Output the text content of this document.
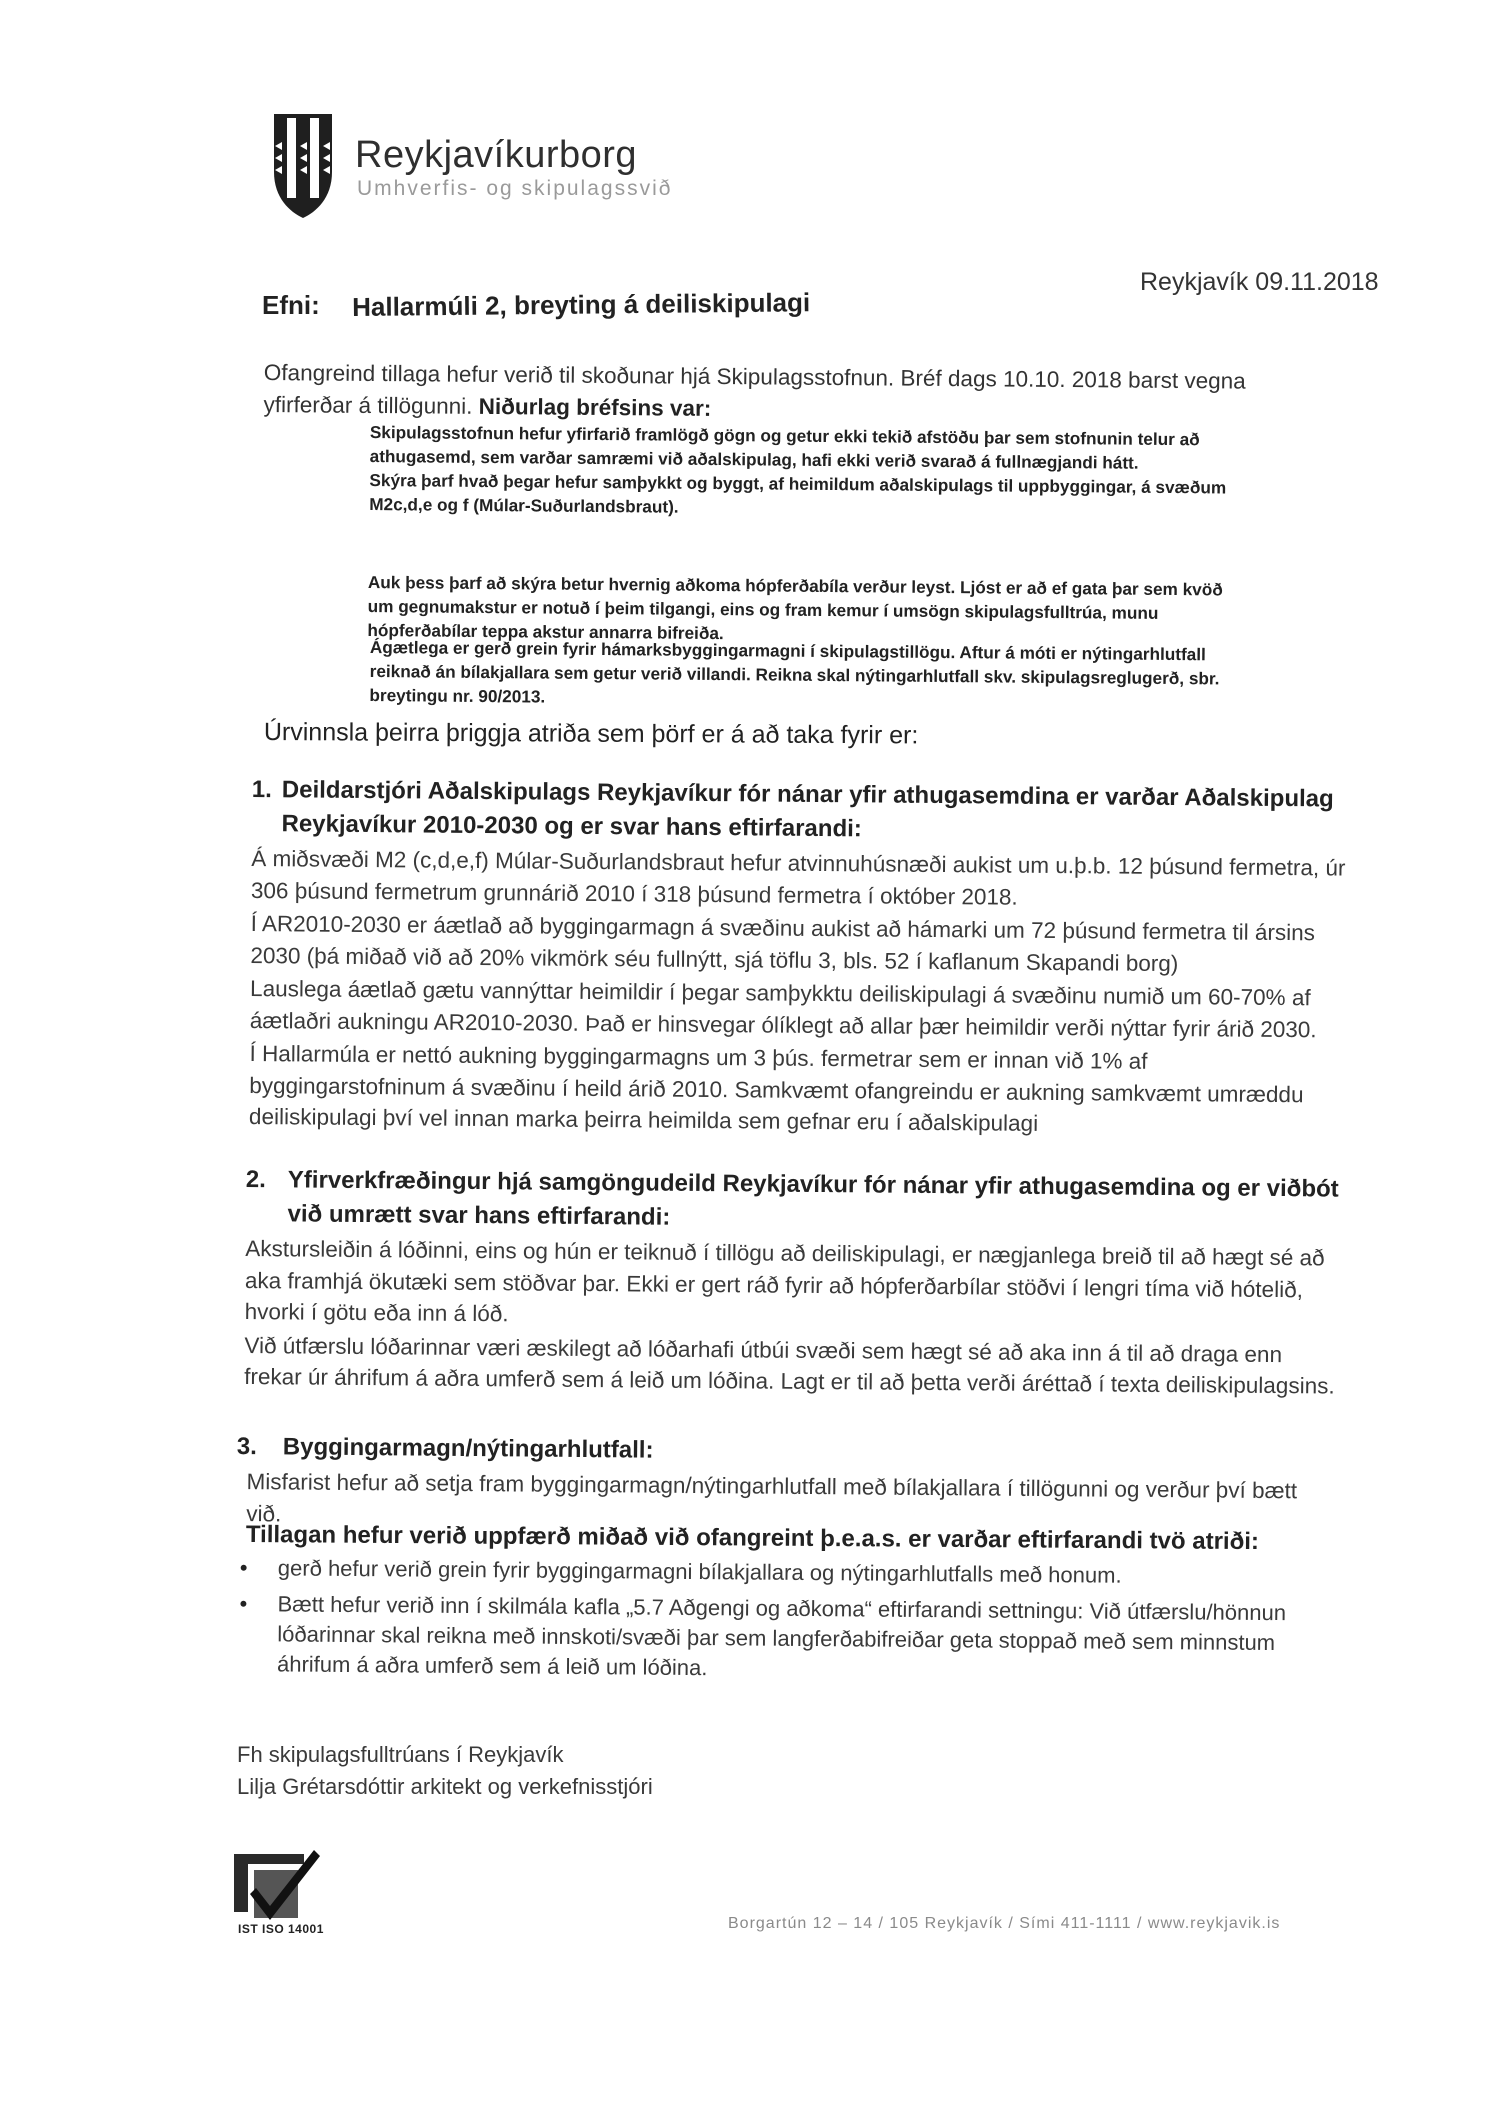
Reykjavíkurborg
Umhverfis- og skipulagssvið
Efni: Hallarmúli 2, breyting á deiliskipulagi
Reykjavík 09.11.2018
Ofangreind tillaga hefur verið til skoðunar hjá Skipulagsstofnun. Bréf dags 10.10. 2018 barst vegna yfirferðar á tillögunni. Niðurlag bréfsins var:

Skipulagsstofnun hefur yfirfarið framlögð gögn og getur ekki tekið afstöðu þar sem stofnunin telur að athugasemd, sem varðar samræmi við aðalskipulag, hafi ekki verið svarað á fullnægjandi hátt.

Skýra þarf hvað þegar hefur samþykkt og byggt, af heimildum aðalskipulags til uppbyggingar, á svæðum M2c,d,e og f (Múlar-Suðurlandsbraut).

Auk þess þarf að skýra betur hvernig aðkoma hópferðabíla verður leyst. Ljóst er að ef gata þar sem kvöð um gegnumakstur er notuð í þeim tilgangi, eins og fram kemur í umsögn skipulagsfulltrúa, munu hópferðabílar teppa akstur annarra bifreiða.

Ágætlega er gerð grein fyrir hámarksbyggingarmagni í skipulagstillögu. Aftur á móti er nýtingarhlutfall reiknað án bílakjallara sem getur verið villandi. Reikna skal nýtingarhlutfall skv. skipulagsreglugerð, sbr. breytingu nr. 90/2013.

Úrvinnsla þeirra þriggja atriða sem þörf er á að taka fyrir er:
1. Deildarstjóri Aðalskipulags Reykjavíkur fór nánar yfir athugasemdina er varðar Aðalskipulag Reykjavíkur 2010-2030 og er svar hans eftirfarandi:
Á miðsvæði M2 (c,d,e,f) Múlar-Suðurlandsbraut hefur atvinnuhúsnæði aukist um u.þ.b. 12 þúsund fermetra, úr 306 þúsund fermetrum grunnárið 2010 í 318 þúsund fermetra í október 2018.
Í AR2010-2030 er áætlað að byggingarmagn á svæðinu aukist að hámarki um 72 þúsund fermetra til ársins 2030 (þá miðað við að 20% vikmörk séu fullnýtt, sjá töflu 3, bls. 52 í kaflanum Skapandi borg)
Lauslega áætlað gætu vannýttar heimildir í þegar samþykktu deiliskipulagi á svæðinu numið um 60-70% af áætlaðri aukningu AR2010-2030. Það er hinsvegar ólíklegt að allar þær heimildir verði nýttar fyrir árið 2030.
Í Hallarmúla er nettó aukning byggingarmagns um 3 þús. fermetrar sem er innan við 1% af byggingarstofninum á svæðinu í heild árið 2010. Samkvæmt ofangreindu er aukning samkvæmt umræddu deiliskipulagi því vel innan marka þeirra heimilda sem gefnar eru í aðalskipulagi
2. Yfirverkfræðingur hjá samgöngudeild Reykjavíkur fór nánar yfir athugasemdina og er viðbót við umrætt svar hans eftirfarandi:
Akstursleiðin á lóðinni, eins og hún er teiknuð í tillögu að deiliskipulagi, er nægjanlega breið til að hægt sé að aka framhjá ökutæki sem stöðvar þar. Ekki er gert ráð fyrir að hópferðarbílar stöðvi í lengri tíma við hótelið, hvorki í götu eða inn á lóð.
Við útfærslu lóðarinnar væri æskilegt að lóðarhafi útbúi svæði sem hægt sé að aka inn á til að draga enn frekar úr áhrifum á aðra umferð sem á leið um lóðina. Lagt er til að þetta verði áréttað í texta deiliskipulagsins.
3. Byggingarmagn/nýtingarhlutfall:
Misfarist hefur að setja fram byggingarmagn/nýtingarhlutfall með bílakjallara í tillögunni og verður því bætt við.
Tillagan hefur verið uppfærð miðað við ofangreint þ.e.a.s. er varðar eftirfarandi tvö atriði:
• gerð hefur verið grein fyrir byggingarmagni bílakjallara og nýtingarhlutfalls með honum.
• Bætt hefur verið inn í skilmála kafla „5.7 Aðgengi og aðkoma“ eftirfarandi settningu: Við útfærslu/hönnun lóðarinnar skal reikna með innskoti/svæði þar sem langferðabifreiðar geta stoppað með sem minnstum áhrifum á aðra umferð sem á leið um lóðina.
Fh skipulagsfulltrúans í Reykjavík
Lilja Grétarsdóttir arkitekt og verkefnisstjóri
IST ISO 14001	Borgartún 12 – 14 / 105 Reykjavík / Sími 411-1111 / www.reykjavik.is
